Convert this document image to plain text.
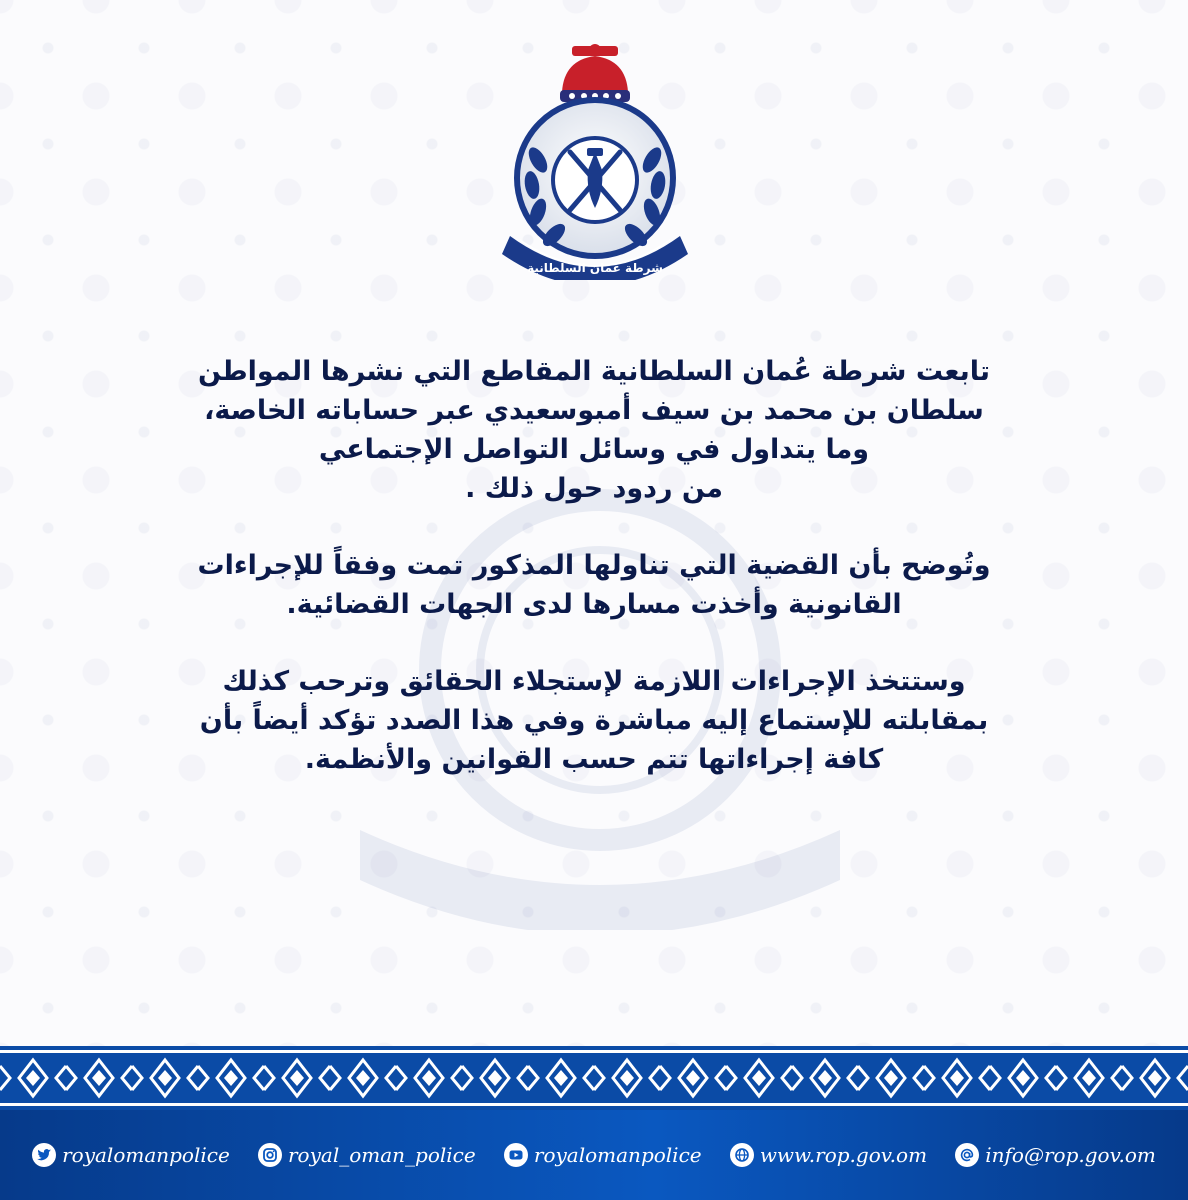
شرطة عمان السلطانية

تابعت شرطة عُمان السلطانية المقاطع التي نشرها المواطن
سلطان بن محمد بن سيف أمبوسعيدي عبر حساباته الخاصة،
وما يتداول في وسائل التواصل الإجتماعي
من ردود حول ذلك .

وتُوضح بأن القضية التي تناولها المذكور تمت وفقاً للإجراءات
القانونية وأخذت مسارها لدى الجهات القضائية.

وستتخذ الإجراءات اللازمة لإستجلاء الحقائق وترحب كذلك
بمقابلته للإستماع إليه مباشرة وفي هذا الصدد تؤكد أيضاً بأن
كافة إجراءاتها تتم حسب القوانين والأنظمة.

royalomanpolice	royal_oman_police	royalomanpolice	www.rop.gov.om	info@rop.gov.om
